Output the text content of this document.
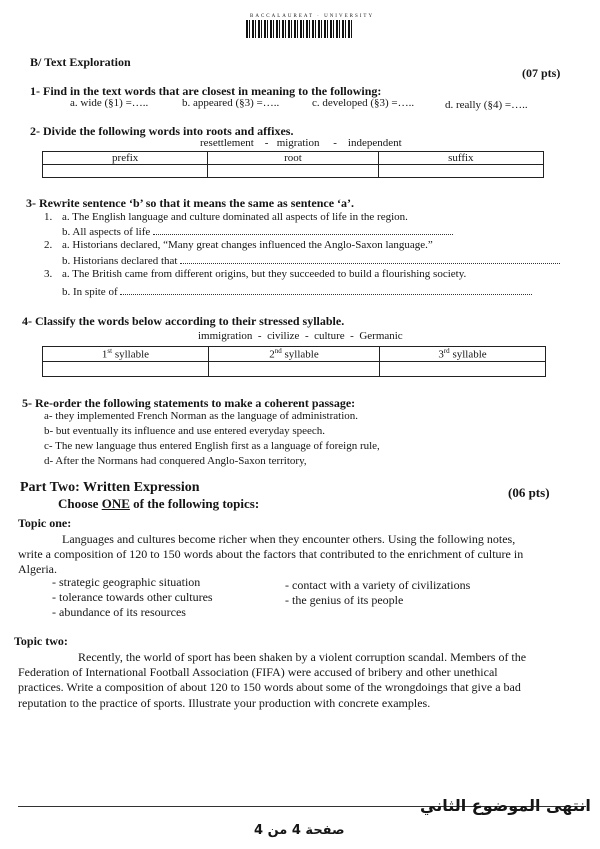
BACCALAUREAT · UNIVERSITY
B/ Text Exploration
(07 pts)
1- Find in the text words that are closest in meaning to the following:
a. wide (§1) =…..	b. appeared (§3) =…..	c. developed (§3) =…..	d. really (§4) =…..
2- Divide the following words into roots and affixes.
resettlement - migration - independent
prefix	root	suffix

3- Rewrite sentence ‘b’ so that it means the same as sentence ‘a’.
1. a. The English language and culture dominated all aspects of life in the region.
b. All aspects of life
2. a. Historians declared, “Many great changes influenced the Anglo-Saxon language.”
b. Historians declared that
3. a. The British came from different origins, but they succeeded to build a flourishing society.
b. In spite of
4- Classify the words below according to their stressed syllable.
immigration - civilize - culture - Germanic
1st syllable	2nd syllable	3rd syllable

5- Re-order the following statements to make a coherent passage:
a- they implemented French Norman as the language of administration.
b- but eventually its influence and use entered everyday speech.
c- The new language thus entered English first as a language of foreign rule,
d- After the Normans had conquered Anglo-Saxon territory,
Part Two: Written Expression	(06 pts)
Choose ONE of the following topics:
Topic one:
Languages and cultures become richer when they encounter others. Using the following notes,
write a composition of 120 to 150 words about the factors that contributed to the enrichment of culture in
Algeria.
- strategic geographic situation
- tolerance towards other cultures
- abundance of its resources
- contact with a variety of civilizations
- the genius of its people
Topic two:
Recently, the world of sport has been shaken by a violent corruption scandal. Members of the
Federation of International Football Association (FIFA) were accused of bribery and other unethical
practices. Write a composition of about 120 to 150 words about some of the wrongdoings that give a bad
reputation to the practice of sports. Illustrate your production with concrete examples.
انتهى الموضوع الثاني
صفحة 4 من 4
